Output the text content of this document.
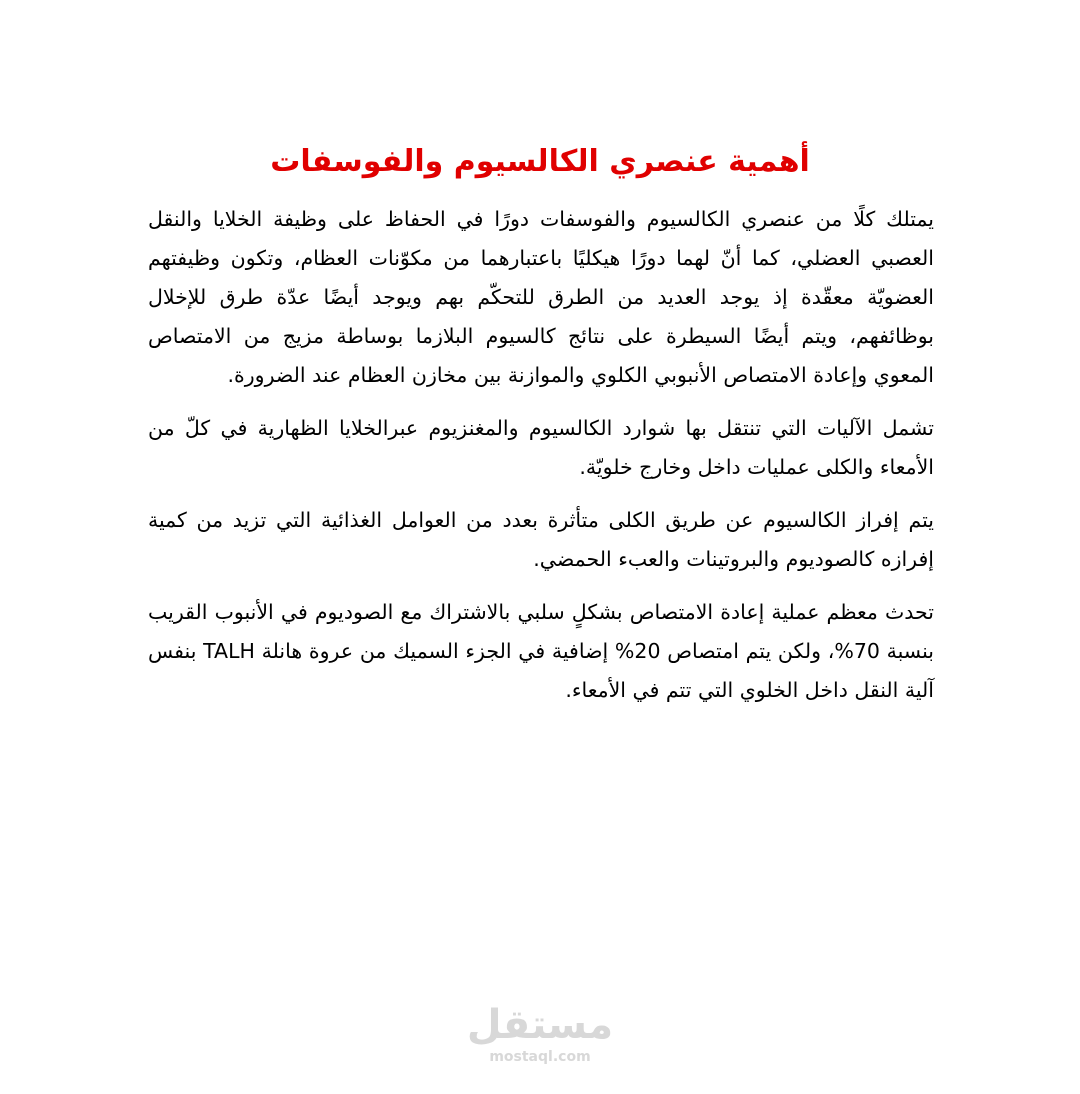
أهمية عنصري الكالسيوم والفوسفات

يمتلك كلًا من عنصري الكالسيوم والفوسفات دورًا في الحفاظ على وظيفة الخلايا والنقل العصبي العضلي، كما أنّ لهما دورًا هيكليًا باعتبارهما من مكوّنات العظام، وتكون وظيفتهم العضويّة معقّدة إذ يوجد العديد من الطرق للتحكّم بهم ويوجد أيضًا عدّة طرق للإخلال بوظائفهم، ويتم أيضًا السيطرة على نتائج كالسيوم البلازما بوساطة مزيج من الامتصاص المعوي وإعادة الامتصاص الأنبوبي الكلوي والموازنة بين مخازن العظام عند الضرورة.

تشمل الآليات التي تنتقل بها شوارد الكالسيوم والمغنزيوم عبرالخلايا الظهارية في كلّ من الأمعاء والكلى عمليات داخل وخارج خلويّة.

يتم إفراز الكالسيوم عن طريق الكلى متأثرة بعدد من العوامل الغذائية التي تزيد من كمية إفرازه كالصوديوم والبروتينات والعبء الحمضي.

تحدث معظم عملية إعادة الامتصاص بشكلٍ سلبي بالاشتراك مع الصوديوم في الأنبوب القريب بنسبة 70%، ولكن يتم امتصاص 20% إضافية في الجزء السميك من عروة هانلة TALH بنفس آلية النقل داخل الخلوي التي تتم في الأمعاء.

مستقل
mostaql.com
